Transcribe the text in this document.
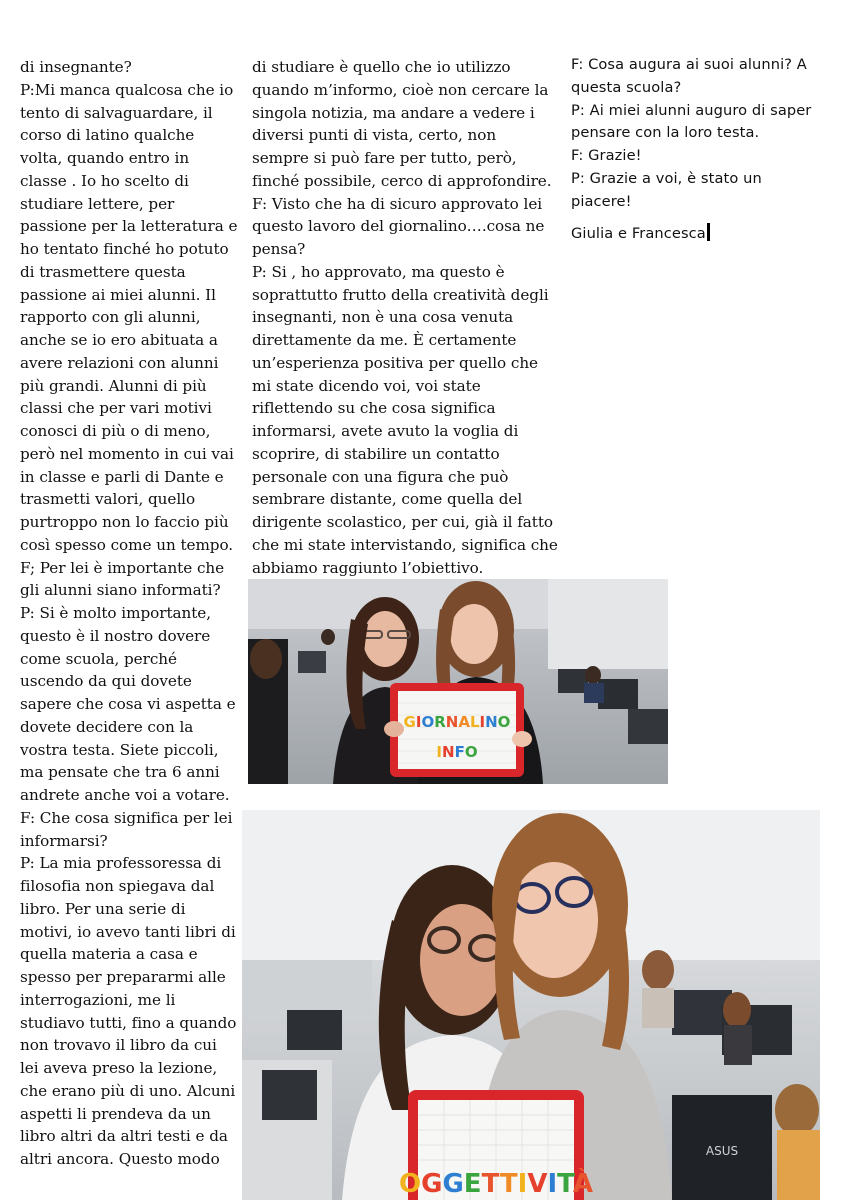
di insegnante?
P:Mi manca qualcosa che io
tento di salvaguardare, il
corso di latino qualche
volta, quando entro in
classe . Io ho scelto di
studiare lettere, per
passione per la letteratura e
ho tentato finché ho potuto
di trasmettere questa
passione ai miei alunni. Il
rapporto con gli alunni,
anche se io ero abituata a
avere relazioni con alunni
più grandi. Alunni di più
classi che per vari motivi
conosci di più o di meno,
però nel momento in cui vai
in classe e parli di Dante e
trasmetti valori, quello
purtroppo non lo faccio più
così spesso come un tempo.
F; Per lei è importante che
gli alunni siano informati?
P: Si è molto importante,
questo è il nostro dovere
come scuola, perché
uscendo da qui dovete
sapere che cosa vi aspetta e
dovete decidere con la
vostra testa. Siete piccoli,
ma pensate che tra 6 anni
andrete anche voi a votare.
F: Che cosa significa per lei
informarsi?
P: La mia professoressa di
filosofia non spiegava dal
libro. Per una serie di
motivi, io avevo tanti libri di
quella materia a casa e
spesso per prepararmi alle
interrogazioni, me li
studiavo tutti, fino a quando
non trovavo il libro da cui
lei aveva preso la lezione,
che erano più di uno. Alcuni
aspetti li prendeva da un
libro altri da altri testi e da
altri ancora. Questo modo
di studiare è quello che io utilizzo
quando m’informo, cioè non cercare la
singola notizia, ma andare a vedere i
diversi punti di vista, certo, non
sempre si può fare per tutto, però,
finché possibile, cerco di approfondire.
F: Visto che ha di sicuro approvato lei
questo lavoro del giornalino….cosa ne
pensa?
P: Si , ho approvato, ma questo è
soprattutto frutto della creatività degli
insegnanti, non è una cosa venuta
direttamente da me. È certamente
un’esperienza positiva per quello che
mi state dicendo voi, voi state
riflettendo su che cosa significa
informarsi, avete avuto la voglia di
scoprire, di stabilire un contatto
personale con una figura che può
sembrare distante, come quella del
dirigente scolastico, per cui, già il fatto
che mi state intervistando, significa che
abbiamo raggiunto l’obiettivo.
F: Cosa augura ai suoi alunni? A
questa scuola?
P: Ai miei alunni auguro di saper
pensare con la loro testa.
F: Grazie!
P: Grazie a voi, è stato un
piacere!
Giulia e Francesca
GIORNALINO
INFO
ASUS
OGGETTIVITÀ
